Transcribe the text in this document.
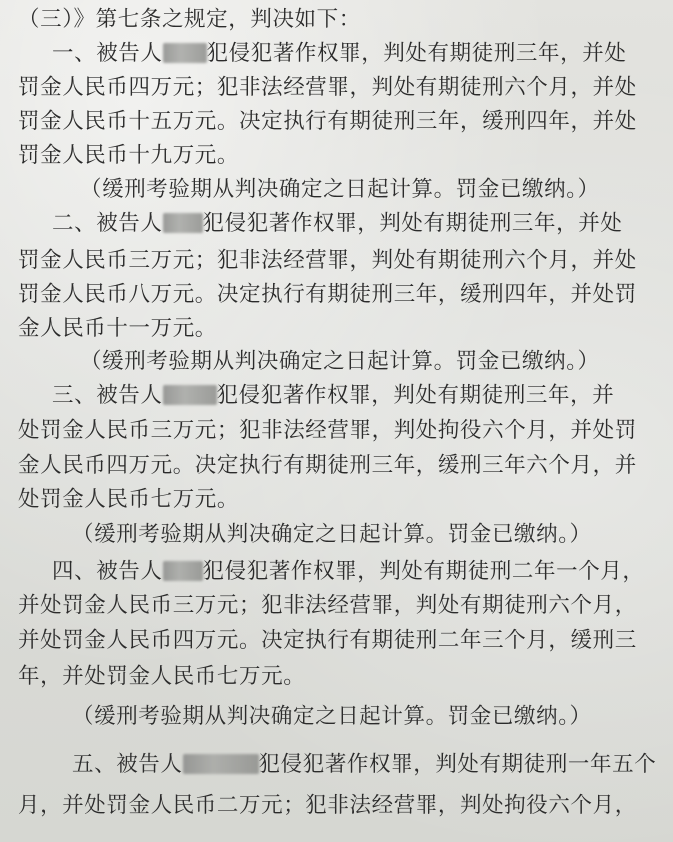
（三）》第七条之规定，判决如下：
一、被告人 犯侵犯著作权罪，判处有期徒刑三年，并处
罚金人民币四万元；犯非法经营罪，判处有期徒刑六个月，并处
罚金人民币十五万元。决定执行有期徒刑三年，缓刑四年，并处
罚金人民币十九万元。
（缓刑考验期从判决确定之日起计算。罚金已缴纳。）
二、被告人 犯侵犯著作权罪，判处有期徒刑三年，并处
罚金人民币三万元；犯非法经营罪，判处有期徒刑六个月，并处
罚金人民币八万元。决定执行有期徒刑三年，缓刑四年，并处罚
金人民币十一万元。
（缓刑考验期从判决确定之日起计算。罚金已缴纳。）
三、被告人	犯侵犯著作权罪，判处有期徒刑三年，并
处罚金人民币三万元；犯非法经营罪，判处拘役六个月，并处罚
金人民币四万元。决定执行有期徒刑三年，缓刑三年六个月，并
处罚金人民币七万元。
（缓刑考验期从判决确定之日起计算。罚金已缴纳。）
四、被告人 犯侵犯著作权罪，判处有期徒刑二年一个月，
并处罚金人民币三万元；犯非法经营罪，判处有期徒刑六个月，
并处罚金人民币四万元。决定执行有期徒刑二年三个月，缓刑三
年，并处罚金人民币七万元。
（缓刑考验期从判决确定之日起计算。罚金已缴纳。）
五、被告人	犯侵犯著作权罪，判处有期徒刑一年五个
月，并处罚金人民币二万元；犯非法经营罪，判处拘役六个月，
